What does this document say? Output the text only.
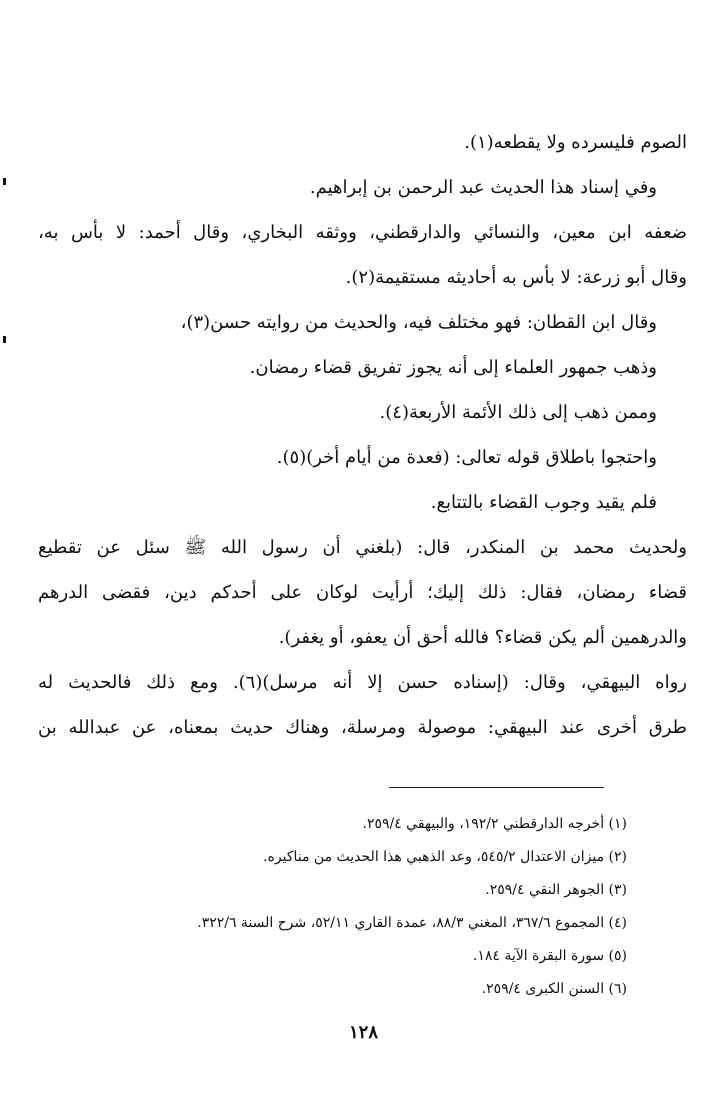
الصوم فليسرده ولا يقطعه(١).

وفي إسناد هذا الحديث عبد الرحمن بن إبراهيم.

ضعفه ابن معين، والنسائي والدارقطني، ووثقه البخاري، وقال أحمد: لا بأس به،

وقال أبو زرعة: لا بأس به أحاديثه مستقيمة(٢).

وقال ابن القطان: فهو مختلف فيه، والحديث من روايته حسن(٣)،

وذهب جمهور العلماء إلى أنه يجوز تفريق قضاء رمضان.

وممن ذهب إلى ذلك الأئمة الأربعة(٤).

واحتجوا باطلاق قوله تعالى: (فعدة من أيام أخر)(٥).

فلم يقيد وجوب القضاء بالتتابع.

ولحديث محمد بن المنكدر، قال: (بلغني أن رسول الله ﷺ سئل عن تقطيع

قضاء رمضان، فقال: ذلك إليك؛ أرأيت لوكان على أحدكم دين، فقضى الدرهم

والدرهمين ألم يكن قضاء؟ فالله أحق أن يعفو، أو يغفر).

رواه البيهقي، وقال: (إسناده حسن إلا أنه مرسل)(٦). ومع ذلك فالحديث له

طرق أخرى عند البيهقي: موصولة ومرسلة، وهناك حديث بمعناه، عن عبدالله بن

(١) أخرجه الدارقطني ١٩٢/٢، والبيهقي ٢٥٩/٤.

(٢) ميزان الاعتدال ٥٤٥/٢، وعد الذهبي هذا الحديث من مناكيره.

(٣) الجوهر النقي ٢٥٩/٤.

(٤) المجموع ٣٦٧/٦، المغني ٨٨/٣، عمدة القاري ٥٢/١١، شرح السنة ٣٢٢/٦.

(٥) سورة البقرة الآية ١٨٤.

(٦) السنن الكبرى ٢٥٩/٤.

١٢٨
